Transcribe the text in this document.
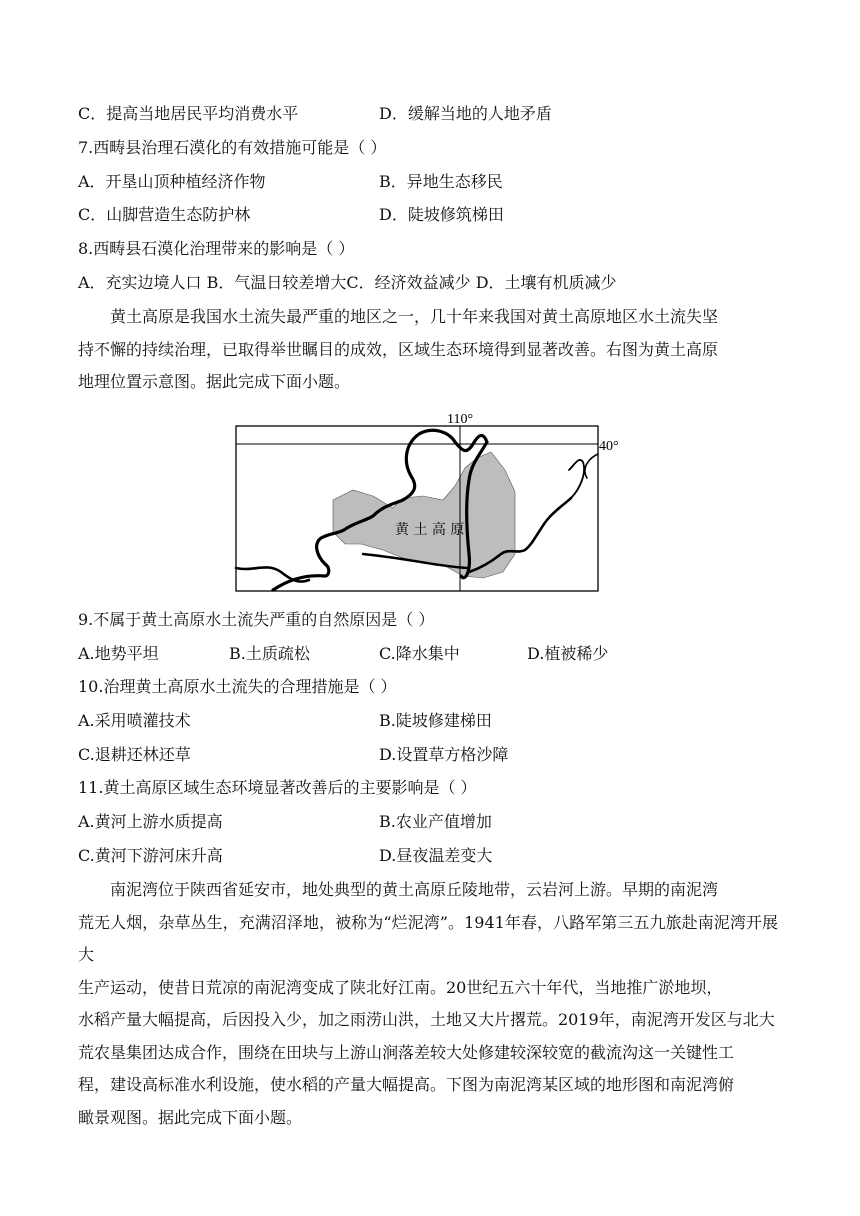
C．提高当地居民平均消费水平	D．缓解当地的人地矛盾
7.西畴县治理石漠化的有效措施可能是（ ）
A．开垦山顶种植经济作物	B．异地生态移民
C．山脚营造生态防护林	D．陡坡修筑梯田
8.西畴县石漠化治理带来的影响是（ ）
A．充实边境人口 B．气温日较差增大C．经济效益减少 D．土壤有机质减少
黄土高原是我国水土流失最严重的地区之一，几十年来我国对黄土高原地区水土流失坚
持不懈的持续治理，已取得举世瞩目的成效，区域生态环境得到显著改善。右图为黄土高原
地理位置示意图。据此完成下面小题。
110°
40°
黄 土 高 原
9.不属于黄土高原水土流失严重的自然原因是（ ）
A.地势平坦	B.土质疏松	C.降水集中	D.植被稀少
10.治理黄土高原水土流失的合理措施是（ ）
A.采用喷灌技术	B.陡坡修建梯田
C.退耕还林还草	D.设置草方格沙障
11.黄土高原区域生态环境显著改善后的主要影响是（ ）
A.黄河上游水质提高	B.农业产值增加
C.黄河下游河床升高	D.昼夜温差变大
南泥湾位于陕西省延安市，地处典型的黄土高原丘陵地带，云岩河上游。早期的南泥湾
荒无人烟，杂草丛生，充满沼泽地，被称为“烂泥湾”。1941年春，八路军第三五九旅赴南泥湾开展大
生产运动，使昔日荒凉的南泥湾变成了陕北好江南。20世纪五六十年代，当地推广淤地坝，
水稻产量大幅提高，后因投入少，加之雨涝山洪，土地又大片撂荒。2019年，南泥湾开发区与北大
荒农垦集团达成合作，围绕在田块与上游山涧落差较大处修建较深较宽的截流沟这一关键性工
程，建设高标准水利设施，使水稻的产量大幅提高。下图为南泥湾某区域的地形图和南泥湾俯
瞰景观图。据此完成下面小题。
